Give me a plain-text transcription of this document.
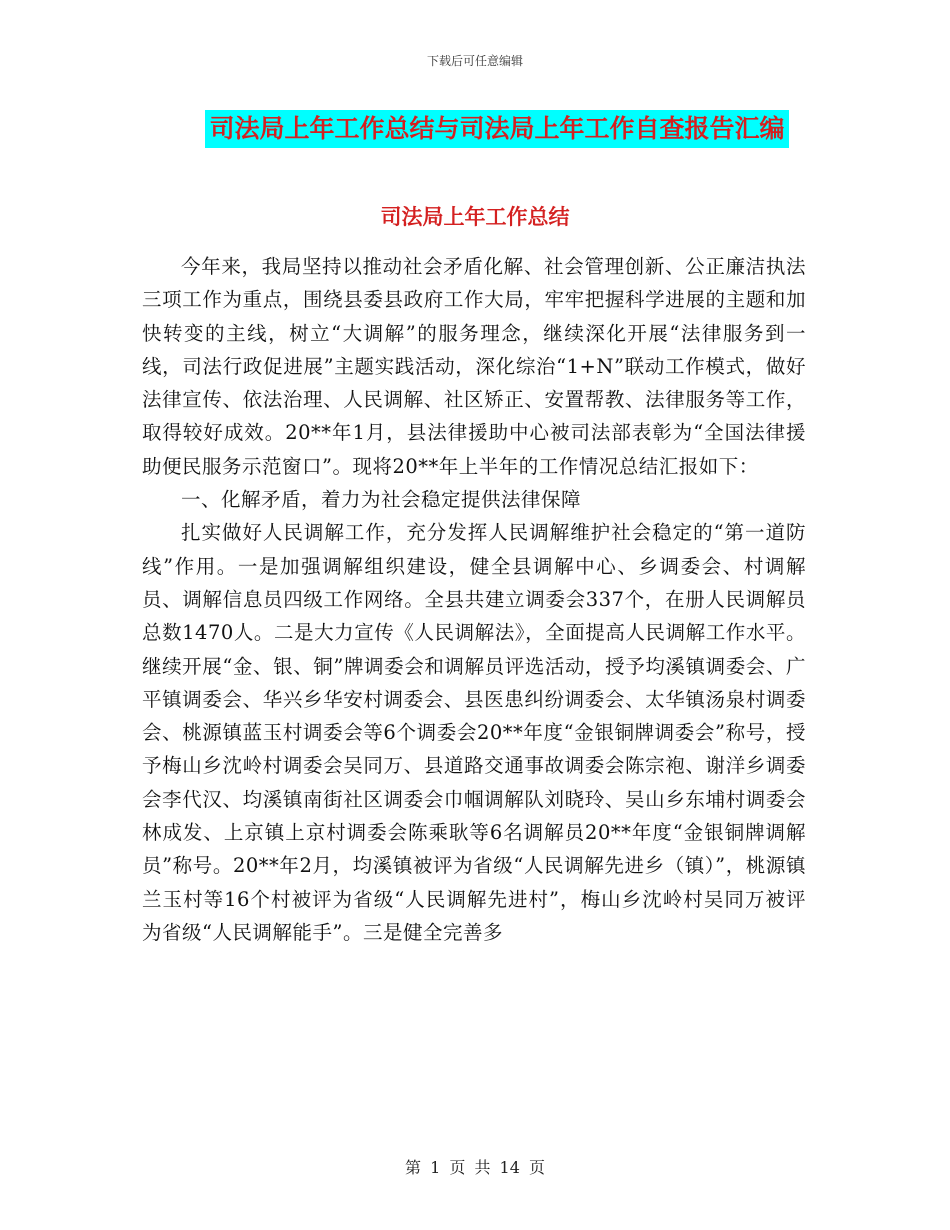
下载后可任意编辑
司法局上年工作总结与司法局上年工作自查报告汇编
司法局上年工作总结

今年来，我局坚持以推动社会矛盾化解、社会管理创新、公正廉洁执法三项工作为重点，围绕县委县政府工作大局，牢牢把握科学进展的主题和加快转变的主线，树立“大调解”的服务理念，继续深化开展“法律服务到一线，司法行政促进展”主题实践活动，深化综治“1+N”联动工作模式，做好法律宣传、依法治理、人民调解、社区矫正、安置帮教、法律服务等工作，取得较好成效。20**年1月，县法律援助中心被司法部表彰为“全国法律援助便民服务示范窗口”。现将20**年上半年的工作情况总结汇报如下：

一、化解矛盾，着力为社会稳定提供法律保障

扎实做好人民调解工作，充分发挥人民调解维护社会稳定的“第一道防线”作用。一是加强调解组织建设，健全县调解中心、乡调委会、村调解员、调解信息员四级工作网络。全县共建立调委会337个，在册人民调解员总数1470人。二是大力宣传《人民调解法》，全面提高人民调解工作水平。继续开展“金、银、铜”牌调委会和调解员评选活动，授予均溪镇调委会、广平镇调委会、华兴乡华安村调委会、县医患纠纷调委会、太华镇汤泉村调委会、桃源镇蓝玉村调委会等6个调委会20**年度“金银铜牌调委会”称号，授予梅山乡沈岭村调委会吴同万、县道路交通事故调委会陈宗袍、谢洋乡调委会李代汉、均溪镇南街社区调委会巾帼调解队刘晓玲、吴山乡东埔村调委会林成发、上京镇上京村调委会陈乘耿等6名调解员20**年度“金银铜牌调解员”称号。20**年2月，均溪镇被评为省级“人民调解先进乡（镇）”，桃源镇兰玉村等16个村被评为省级“人民调解先进村”，梅山乡沈岭村吴同万被评为省级“人民调解能手”。三是健全完善多

第 1 页 共 14 页
